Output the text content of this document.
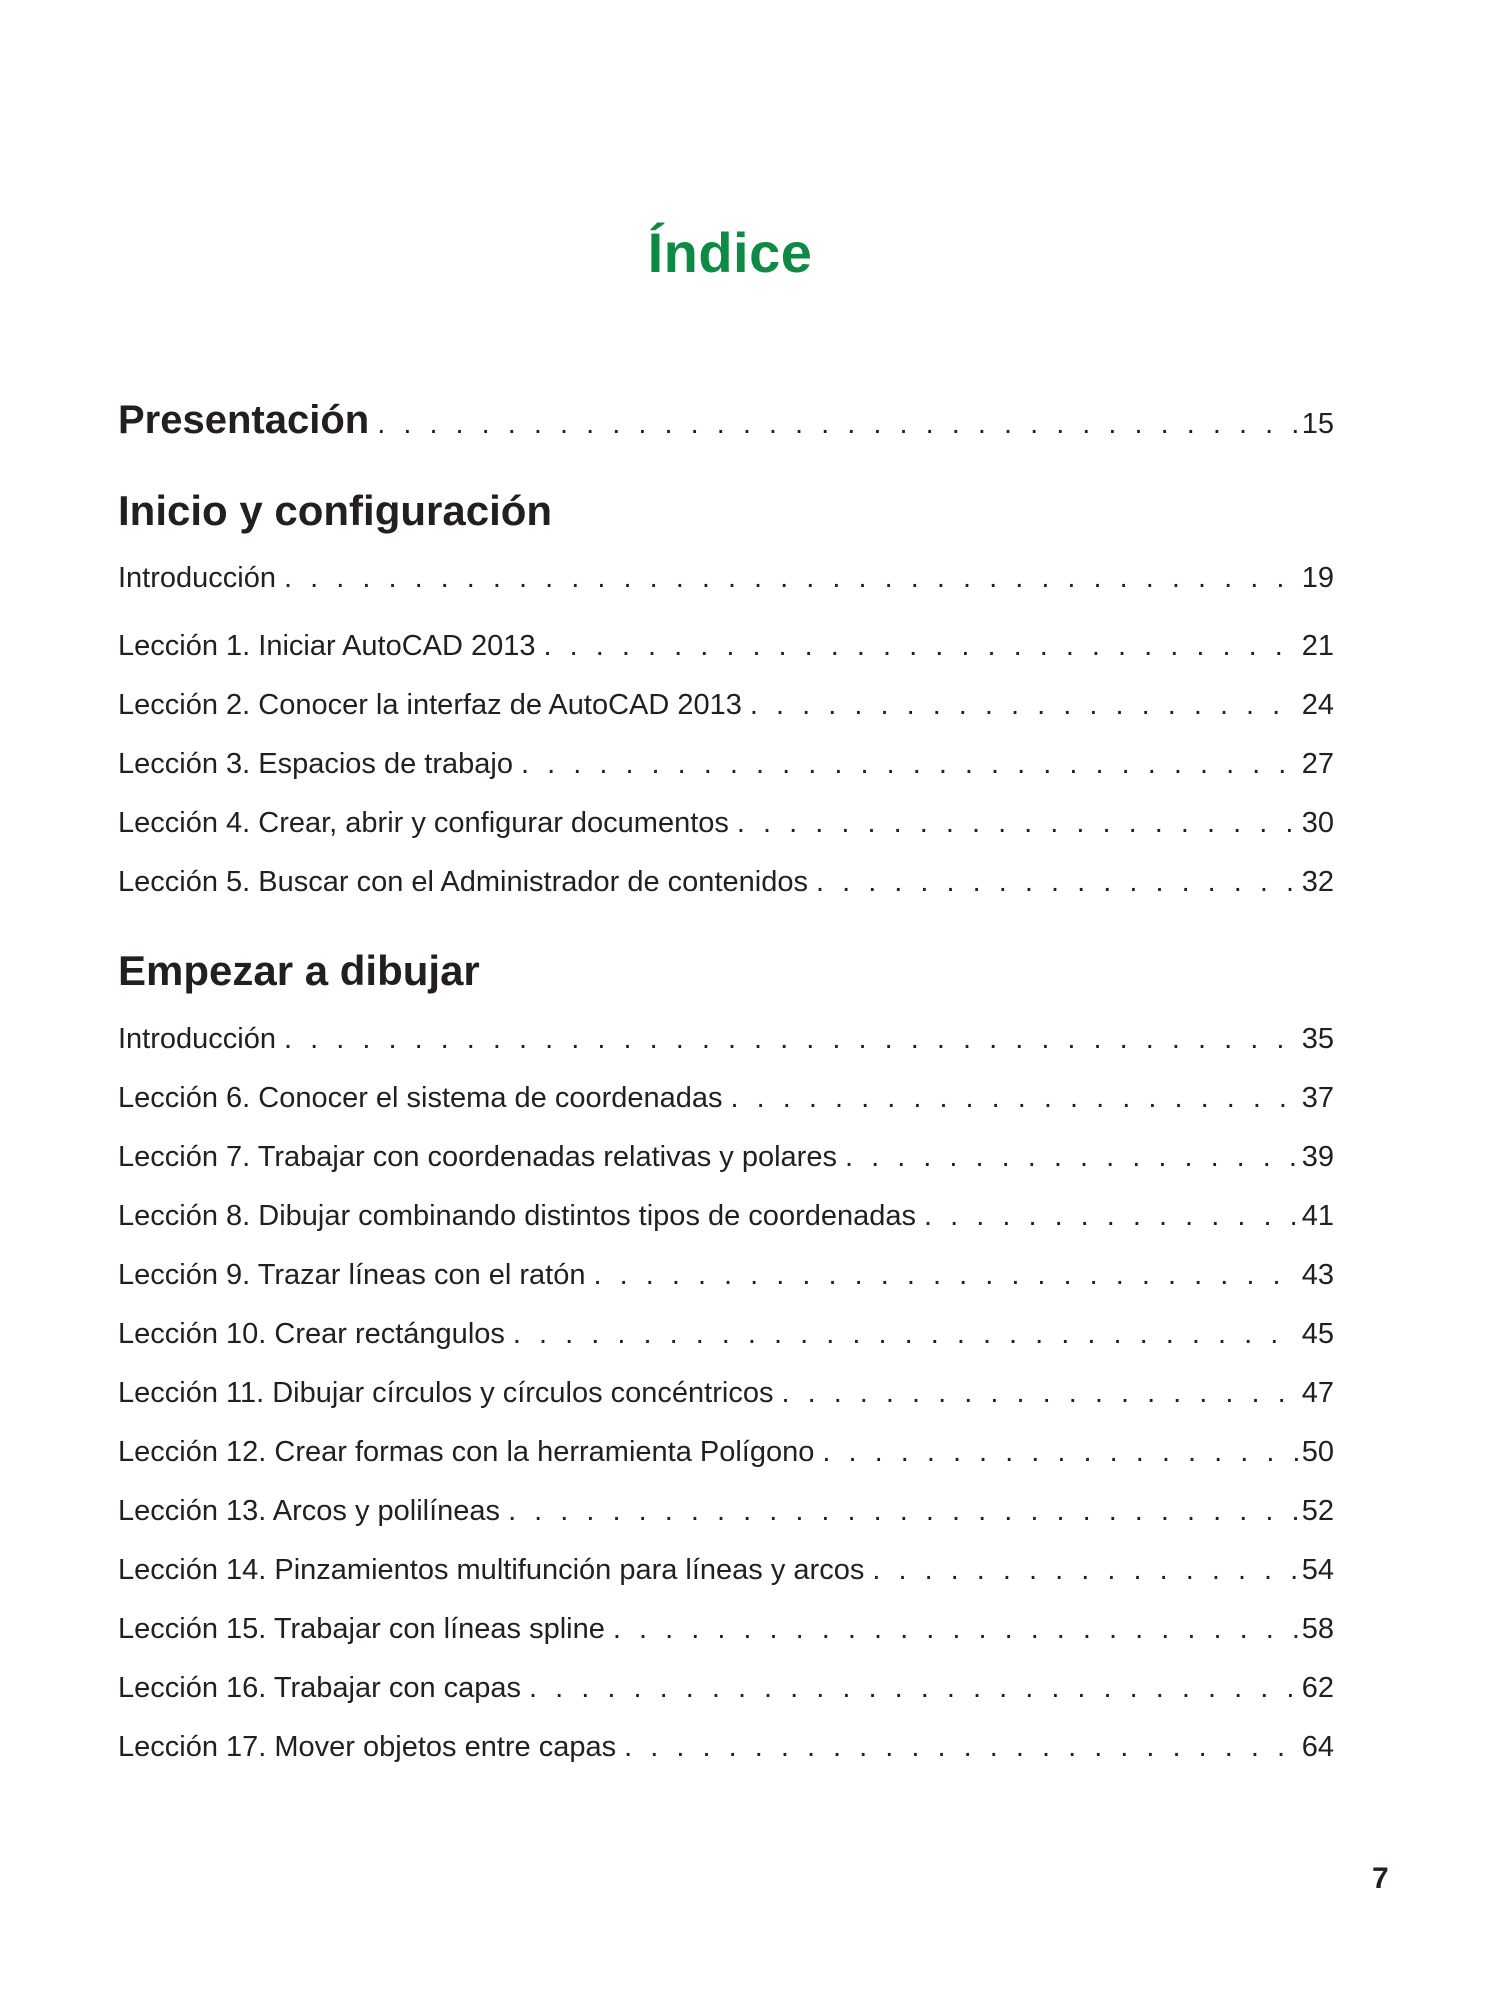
Índice
Presentación . . .	15
Inicio y configuración
Introducción . . .	19
Lección 1. Iniciar AutoCAD 2013 . . .	21
Lección 2. Conocer la interfaz de AutoCAD 2013 . . .	24
Lección 3. Espacios de trabajo . . .	27
Lección 4. Crear, abrir y configurar documentos . . .	30
Lección 5. Buscar con el Administrador de contenidos . . .	32
Empezar a dibujar
Introducción . . .	35
Lección 6. Conocer el sistema de coordenadas . . .	37
Lección 7. Trabajar con coordenadas relativas y polares . . .	39
Lección 8. Dibujar combinando distintos tipos de coordenadas . . .	41
Lección 9. Trazar líneas con el ratón . . .	43
Lección 10. Crear rectángulos . . .	45
Lección 11. Dibujar círculos y círculos concéntricos . . .	47
Lección 12. Crear formas con la herramienta Polígono . . .	50
Lección 13. Arcos y polilíneas . . .	52
Lección 14. Pinzamientos multifunción para líneas y arcos . . .	54
Lección 15. Trabajar con líneas spline . . .	58
Lección 16. Trabajar con capas . . .	62
Lección 17. Mover objetos entre capas . . .	64
7
